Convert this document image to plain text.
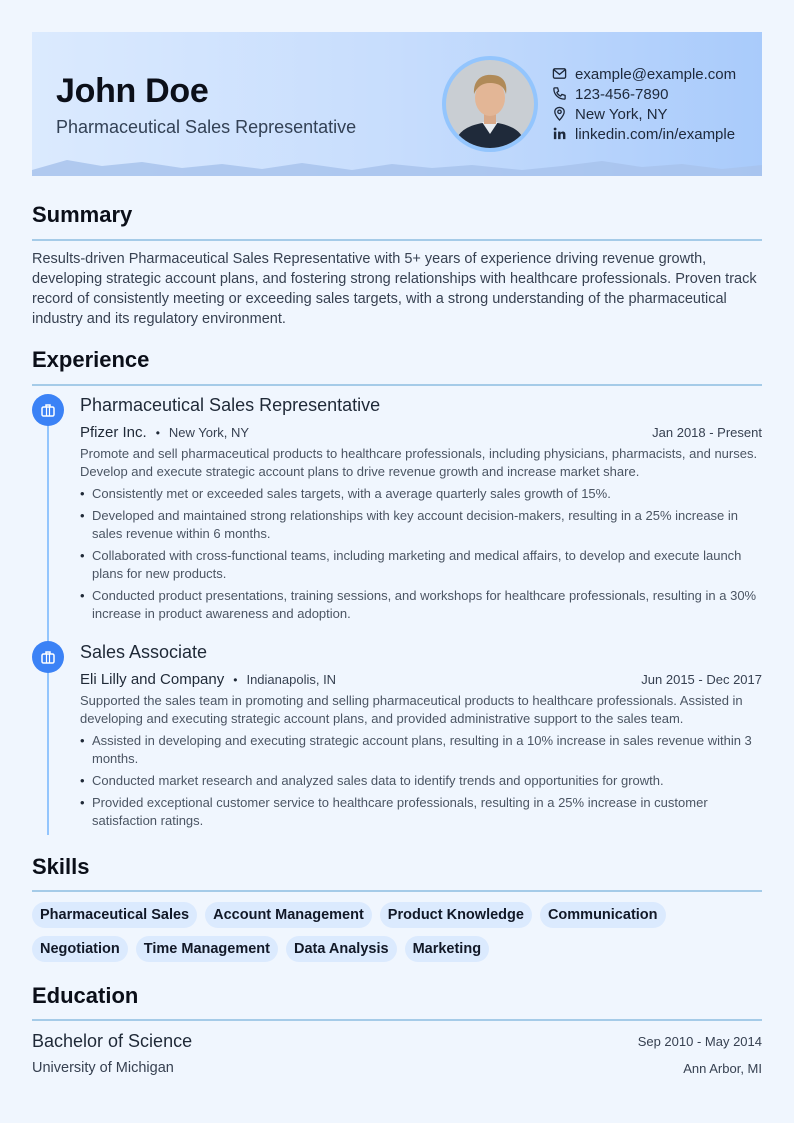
John Doe
Pharmaceutical Sales Representative
example@example.com
123-456-7890
New York, NY
linkedin.com/in/example
Summary
Results-driven Pharmaceutical Sales Representative with 5+ years of experience driving revenue growth, developing strategic account plans, and fostering strong relationships with healthcare professionals. Proven track record of consistently meeting or exceeding sales targets, with a strong understanding of the pharmaceutical industry and its regulatory environment.
Experience
Pharmaceutical Sales Representative
Pfizer Inc. • New York, NY	Jan 2018 - Present
Promote and sell pharmaceutical products to healthcare professionals, including physicians, pharmacists, and nurses. Develop and execute strategic account plans to drive revenue growth and increase market share.
• Consistently met or exceeded sales targets, with a average quarterly sales growth of 15%.
• Developed and maintained strong relationships with key account decision-makers, resulting in a 25% increase in sales revenue within 6 months.
• Collaborated with cross-functional teams, including marketing and medical affairs, to develop and execute launch plans for new products.
• Conducted product presentations, training sessions, and workshops for healthcare professionals, resulting in a 30% increase in product awareness and adoption.
Sales Associate
Eli Lilly and Company • Indianapolis, IN	Jun 2015 - Dec 2017
Supported the sales team in promoting and selling pharmaceutical products to healthcare professionals. Assisted in developing and executing strategic account plans, and provided administrative support to the sales team.
• Assisted in developing and executing strategic account plans, resulting in a 10% increase in sales revenue within 3 months.
• Conducted market research and analyzed sales data to identify trends and opportunities for growth.
• Provided exceptional customer service to healthcare professionals, resulting in a 25% increase in customer satisfaction ratings.
Skills
Pharmaceutical Sales	Account Management	Product Knowledge	Communication
Negotiation	Time Management	Data Analysis	Marketing
Education
Bachelor of Science	Sep 2010 - May 2014
University of Michigan	Ann Arbor, MI
